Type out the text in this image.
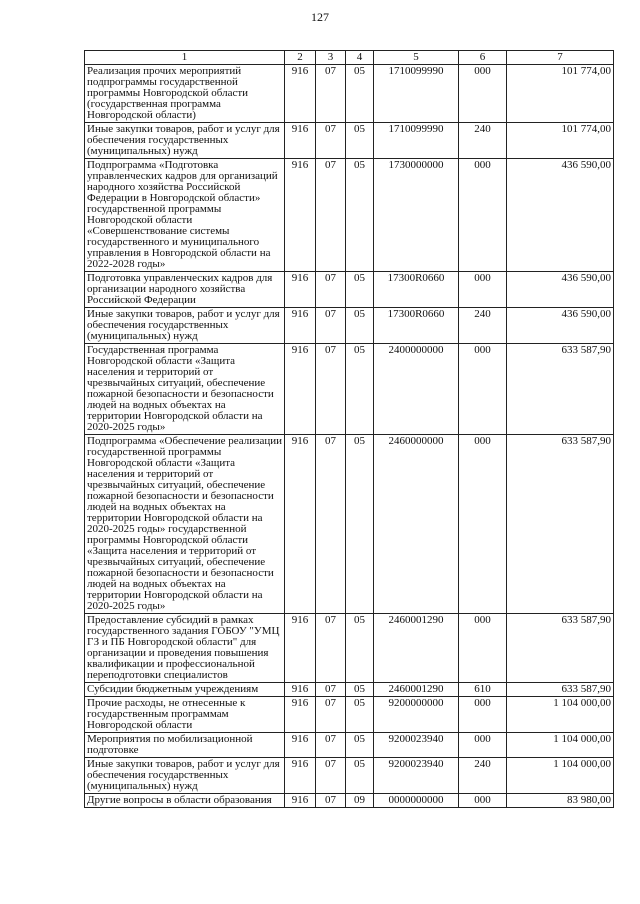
127
1	2	3	4	5	6	7
Реализация прочих мероприятий подпрограммы государственной программы Новгородской области (государственная программа Новгородской области)	916	07	05	1710099990	000	101 774,00
Иные закупки товаров, работ и услуг для обеспечения государственных (муниципальных) нужд	916	07	05	1710099990	240	101 774,00
Подпрограмма «Подготовка управленческих кадров для организаций народного хозяйства Российской Федерации в Новгородской области» государственной программы Новгородской области «Совершенствование системы государственного и муниципального управления в Новгородской области на 2022-2028 годы»	916	07	05	1730000000	000	436 590,00
Подготовка управленческих кадров для организации народного хозяйства Российской Федерации	916	07	05	17300R0660	000	436 590,00
Иные закупки товаров, работ и услуг для обеспечения государственных (муниципальных) нужд	916	07	05	17300R0660	240	436 590,00
Государственная программа Новгородской области «Защита населения и территорий от чрезвычайных ситуаций, обеспечение пожарной безопасности и безопасности людей на водных объектах на территории Новгородской области на 2020-2025 годы»	916	07	05	2400000000	000	633 587,90
Подпрограмма «Обеспечение реализации государственной программы Новгородской области «Защита населения и территорий от чрезвычайных ситуаций, обеспечение пожарной безопасности и безопасности людей на водных объектах на территории Новгородской области на 2020-2025 годы» государственной программы Новгородской области «Защита населения и территорий от чрезвычайных ситуаций, обеспечение пожарной безопасности и безопасности людей на водных объектах на территории Новгородской области на 2020-2025 годы»	916	07	05	2460000000	000	633 587,90
Предоставление субсидий в рамках государственного задания ГОБОУ "УМЦ ГЗ и ПБ Новгородской области" для организации и проведения повышения квалификации и профессиональной переподготовки специалистов	916	07	05	2460001290	000	633 587,90
Субсидии бюджетным учреждениям	916	07	05	2460001290	610	633 587,90
Прочие расходы, не отнесенные к государственным программам Новгородской области	916	07	05	9200000000	000	1 104 000,00
Мероприятия по мобилизационной подготовке	916	07	05	9200023940	000	1 104 000,00
Иные закупки товаров, работ и услуг для обеспечения государственных (муниципальных) нужд	916	07	05	9200023940	240	1 104 000,00
Другие вопросы в области образования	916	07	09	0000000000	000	83 980,00
